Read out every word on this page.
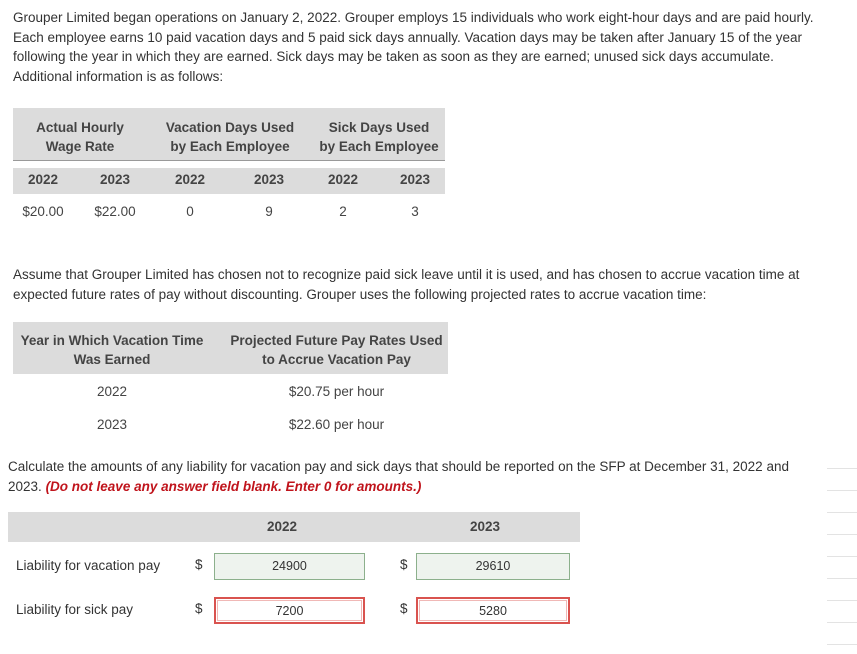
Grouper Limited began operations on January 2, 2022. Grouper employs 15 individuals who work eight-hour days and are paid hourly.
Each employee earns 10 paid vacation days and 5 paid sick days annually. Vacation days may be taken after January 15 of the year
following the year in which they are earned. Sick days may be taken as soon as they are earned; unused sick days accumulate.
Additional information is as follows:
Actual Hourly
Wage Rate
Vacation Days Used
by Each Employee
Sick Days Used
by Each Employee
2022	2023	2022	2023	2022	2023
$20.00	$22.00	0	9	2	3
Assume that Grouper Limited has chosen not to recognize paid sick leave until it is used, and has chosen to accrue vacation time at
expected future rates of pay without discounting. Grouper uses the following projected rates to accrue vacation time:
Year in Which Vacation Time
Was Earned
Projected Future Pay Rates Used
to Accrue Vacation Pay
2022	$20.75 per hour
2023	$22.60 per hour
Calculate the amounts of any liability for vacation pay and sick days that should be reported on the SFP at December 31, 2022 and
2023. (Do not leave any answer field blank. Enter 0 for amounts.)
2022	2023
Liability for vacation pay	$	24900	$	29610
Liability for sick pay	$	7200	$	5280
